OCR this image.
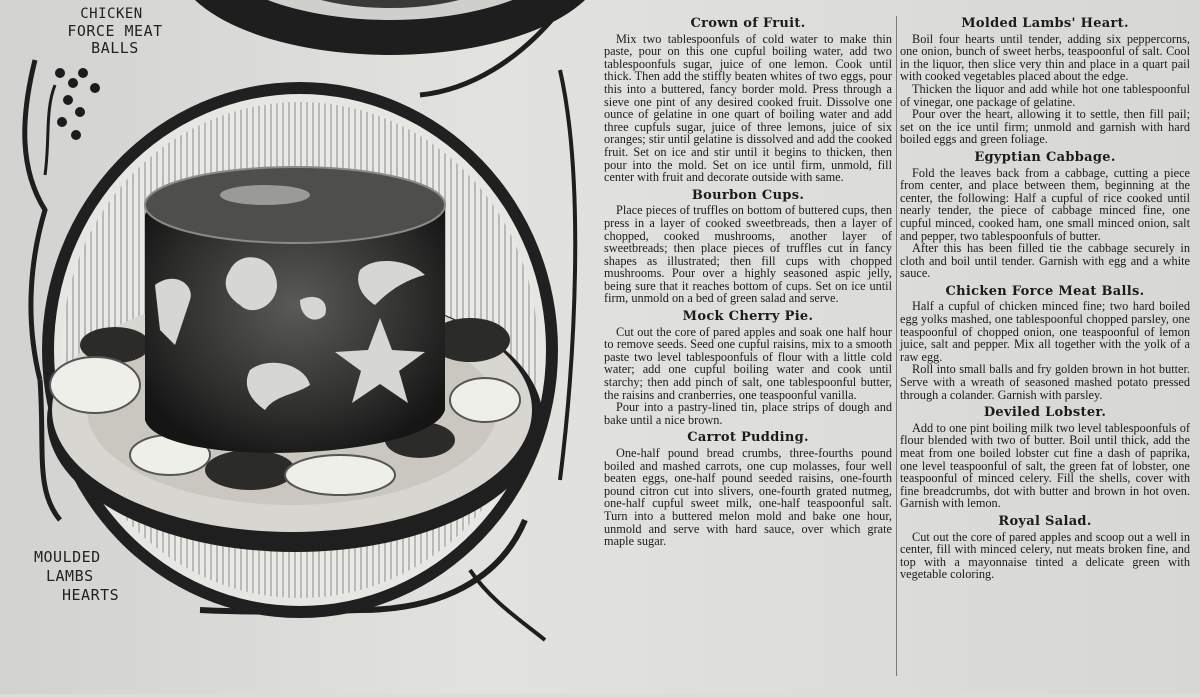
CHICKEN
FORCE MEAT BALLS
MOULDED
LAMBS
HEARTS
Crown of Fruit.

Mix two tablespoonfuls of cold water to make thin paste, pour on this one cupful boiling water, add two tablespoonfuls sugar, juice of one lemon. Cook until thick. Then add the stiffly beaten whites of two eggs, pour this into a buttered, fancy border mold. Press through a sieve one pint of any desired cooked fruit. Dissolve one ounce of gelatine in one quart of boiling water and add three cupfuls sugar, juice of three lemons, juice of six oranges; stir until gelatine is dissolved and add the cooked fruit. Set on ice and stir until it begins to thicken, then pour into the mold. Set on ice until firm, unmold, fill center with fruit and decorate outside with same.

Bourbon Cups.

Place pieces of truffles on bottom of buttered cups, then press in a layer of cooked sweetbreads, then a layer of chopped, cooked mushrooms, another layer of sweetbreads; then place pieces of truffles cut in fancy shapes as illustrated; then fill cups with chopped mushrooms. Pour over a highly seasoned aspic jelly, being sure that it reaches bottom of cups. Set on ice until firm, unmold on a bed of green salad and serve.

Mock Cherry Pie.

Cut out the core of pared apples and soak one half hour to remove seeds. Seed one cupful raisins, mix to a smooth paste two level tablespoonfuls of flour with a little cold water; add one cupful boiling water and cook until starchy; then add pinch of salt, one tablespoonful butter, the raisins and cranberries, one teaspoonful vanilla.

Pour into a pastry-lined tin, place strips of dough and bake until a nice brown.

Carrot Pudding.

One-half pound bread crumbs, three-fourths pound boiled and mashed carrots, one cup molasses, four well beaten eggs, one-half pound seeded raisins, one-fourth pound citron cut into slivers, one-fourth grated nutmeg, one-half cupful sweet milk, one-half teaspoonful salt. Turn into a buttered melon mold and bake one hour, unmold and serve with hard sauce, over which grate maple sugar.

Molded Lambs' Heart.

Boil four hearts until tender, adding six peppercorns, one onion, bunch of sweet herbs, teaspoonful of salt. Cool in the liquor, then slice very thin and place in a quart pail with cooked vegetables placed about the edge.

Thicken the liquor and add while hot one tablespoonful of vinegar, one package of gelatine.

Pour over the heart, allowing it to settle, then fill pail; set on the ice until firm; unmold and garnish with hard boiled eggs and green foliage.

Egyptian Cabbage.

Fold the leaves back from a cabbage, cutting a piece from center, and place between them, beginning at the center, the following: Half a cupful of rice cooked until nearly tender, the piece of cabbage minced fine, one cupful minced, cooked ham, one small minced onion, salt and pepper, two tablespoonfuls of butter.

After this has been filled tie the cabbage securely in cloth and boil until tender. Garnish with egg and a white sauce.

Chicken Force Meat Balls.

Half a cupful of chicken minced fine; two hard boiled egg yolks mashed, one tablespoonful chopped parsley, one teaspoonful of chopped onion, one teaspoonful of lemon juice, salt and pepper. Mix all together with the yolk of a raw egg.

Roll into small balls and fry golden brown in hot butter. Serve with a wreath of seasoned mashed potato pressed through a colander. Garnish with parsley.

Deviled Lobster.

Add to one pint boiling milk two level tablespoonfuls of flour blended with two of butter. Boil until thick, add the meat from one boiled lobster cut fine a dash of paprika, one level teaspoonful of salt, the green fat of lobster, one teaspoonful of minced celery. Fill the shells, cover with fine breadcrumbs, dot with butter and brown in hot oven. Garnish with lemon.

Royal Salad.

Cut out the core of pared apples and scoop out a well in center, fill with minced celery, nut meats broken fine, and top with a mayonnaise tinted a delicate green with vegetable coloring.
